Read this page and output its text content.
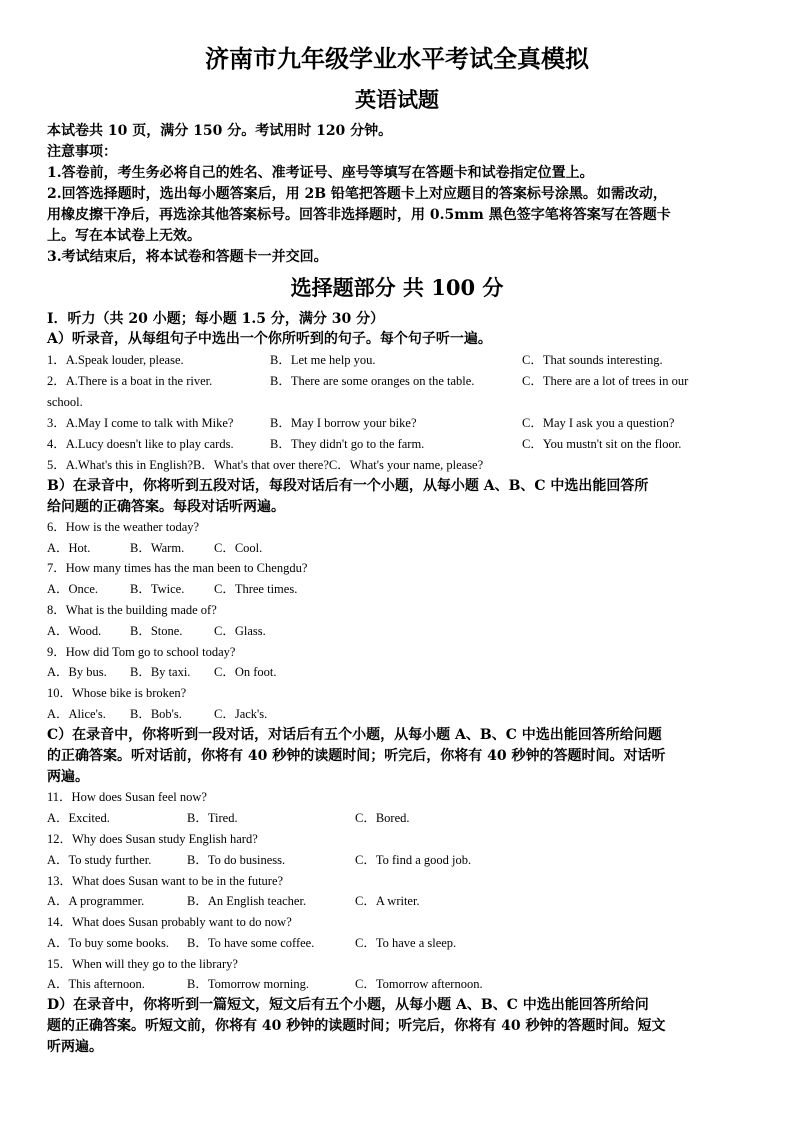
济南市九年级学业水平考试全真模拟
英语试题
本试卷共 10 页，满分 150 分。考试用时 120 分钟。
注意事项：
1.答卷前，考生务必将自己的姓名、准考证号、座号等填写在答题卡和试卷指定位置上。
2.回答选择题时，选出每小题答案后，用 2B 铅笔把答题卡上对应题目的答案标号涂黑。如需改动，
用橡皮擦干净后，再选涂其他答案标号。回答非选择题时，用 0.5mm 黑色签字笔将答案写在答题卡
上。写在本试卷上无效。
3.考试结束后，将本试卷和答题卡一并交回。
选择题部分 共 100 分
I．听力（共 20 小题；每小题 1.5 分，满分 30 分）
A）听录音，从每组句子中选出一个你所听到的句子。每个句子听一遍。
1．A.Speak louder, please.	B．Let me help you.	C．That sounds interesting.
2．A.There is a boat in the river.	B．There are some oranges on the table.	C．There are a lot of trees in our
school.
3．A.May I come to talk with Mike?	B．May I borrow your bike?	C．May I ask you a question?
4．A.Lucy doesn't like to play cards.	B．They didn't go to the farm.	C．You mustn't sit on the floor.
5．A.What's this in English?B．What's that over there?C．What's your name, please?
B）在录音中，你将听到五段对话，每段对话后有一个小题，从每小题 A、B、C 中选出能回答所
给问题的正确答案。每段对话听两遍。
6．How is the weather today?
A．Hot.	B．Warm. C．Cool.
7．How many times has the man been to Chengdu?
A．Once.	B．Twice. C．Three times.
8．What is the building made of?
A．Wood. B．Stone.	C．Glass.
9．How did Tom go to school today?
A．By bus. B．By taxi. C．On foot.
10．Whose bike is broken?
A．Alice's. B．Bob's.	C．Jack's.
C）在录音中，你将听到一段对话，对话后有五个小题，从每小题 A、B、C 中选出能回答所给问题
的正确答案。听对话前，你将有 40 秒钟的读题时间；听完后，你将有 40 秒钟的答题时间。对话听
两遍。
11．How does Susan feel now?
A．Excited.	B．Tired.	C．Bored.
12．Why does Susan study English hard?
A．To study further.	B．To do business.	C．To find a good job.
13．What does Susan want to be in the future?
A．A programmer.	B．An English teacher.	C．A writer.
14．What does Susan probably want to do now?
A．To buy some books. B．To have some coffee.	C．To have a sleep.
15．When will they go to the library?
A．This afternoon.	B．Tomorrow morning.	C．Tomorrow afternoon.
D）在录音中，你将听到一篇短文，短文后有五个小题，从每小题 A、B、C 中选出能回答所给问
题的正确答案。听短文前，你将有 40 秒钟的读题时间；听完后，你将有 40 秒钟的答题时间。短文
听两遍。
